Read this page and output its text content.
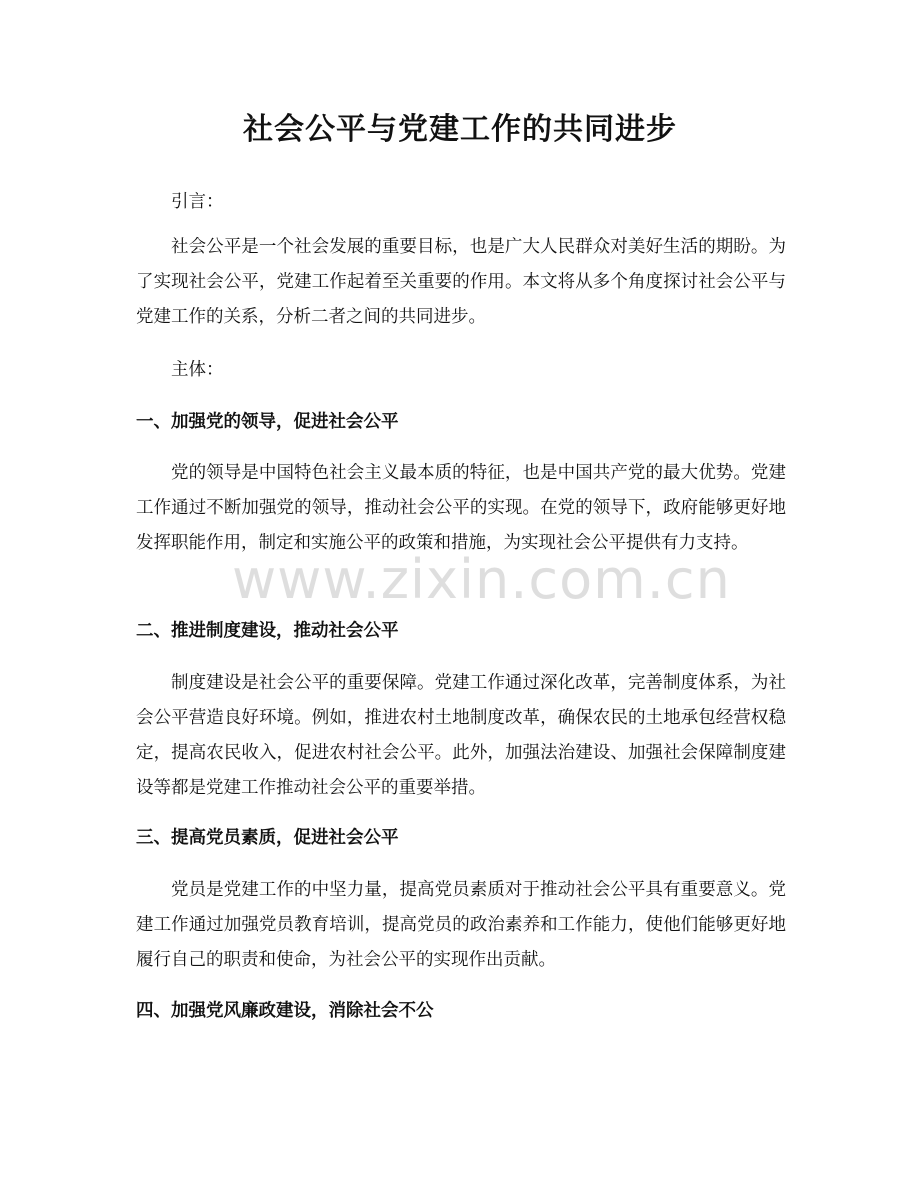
社会公平与党建工作的共同进步

引言：

社会公平是一个社会发展的重要目标，也是广大人民群众对美好生活的期盼。为了实现社会公平，党建工作起着至关重要的作用。本文将从多个角度探讨社会公平与党建工作的关系，分析二者之间的共同进步。

主体：

一、加强党的领导，促进社会公平

党的领导是中国特色社会主义最本质的特征，也是中国共产党的最大优势。党建工作通过不断加强党的领导，推动社会公平的实现。在党的领导下，政府能够更好地发挥职能作用，制定和实施公平的政策和措施，为实现社会公平提供有力支持。

二、推进制度建设，推动社会公平

制度建设是社会公平的重要保障。党建工作通过深化改革，完善制度体系，为社会公平营造良好环境。例如，推进农村土地制度改革，确保农民的土地承包经营权稳定，提高农民收入，促进农村社会公平。此外，加强法治建设、加强社会保障制度建设等都是党建工作推动社会公平的重要举措。

三、提高党员素质，促进社会公平

党员是党建工作的中坚力量，提高党员素质对于推动社会公平具有重要意义。党建工作通过加强党员教育培训，提高党员的政治素养和工作能力，使他们能够更好地履行自己的职责和使命，为社会公平的实现作出贡献。

四、加强党风廉政建设，消除社会不公

www.zixin.com.cn
